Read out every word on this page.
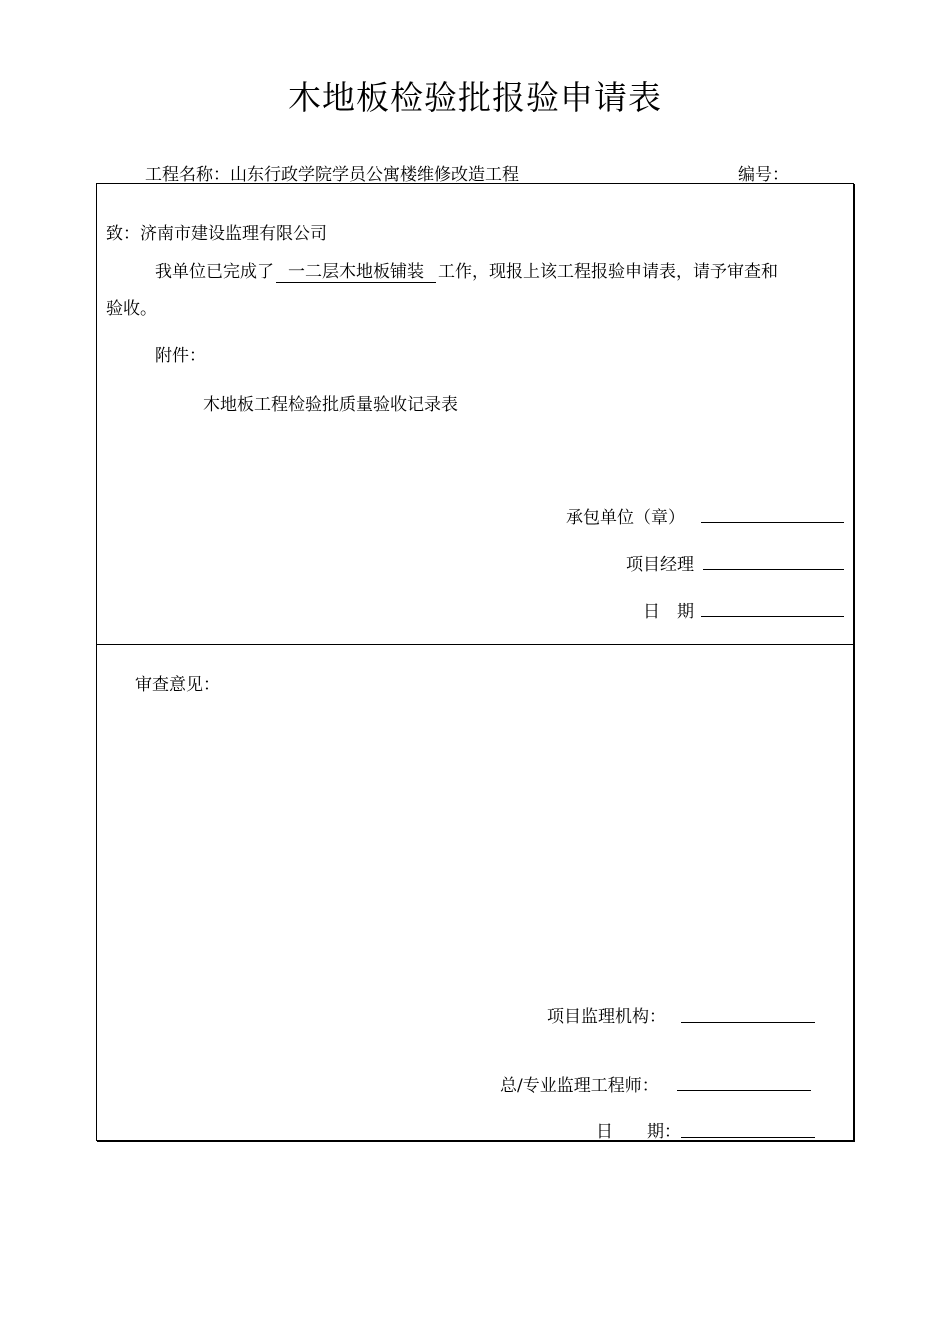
木地板检验批报验申请表
工程名称：山东行政学院学员公寓楼维修改造工程	编号：
致：济南市建设监理有限公司
我单位已完成了 一二层木地板铺装 工作，现报上该工程报验申请表，请予审查和
验收。
附件：
木地板工程检验批质量验收记录表
承包单位（章）
项目经理
日　期
审查意见：
项目监理机构：
总/专业监理工程师：
日　　期：
